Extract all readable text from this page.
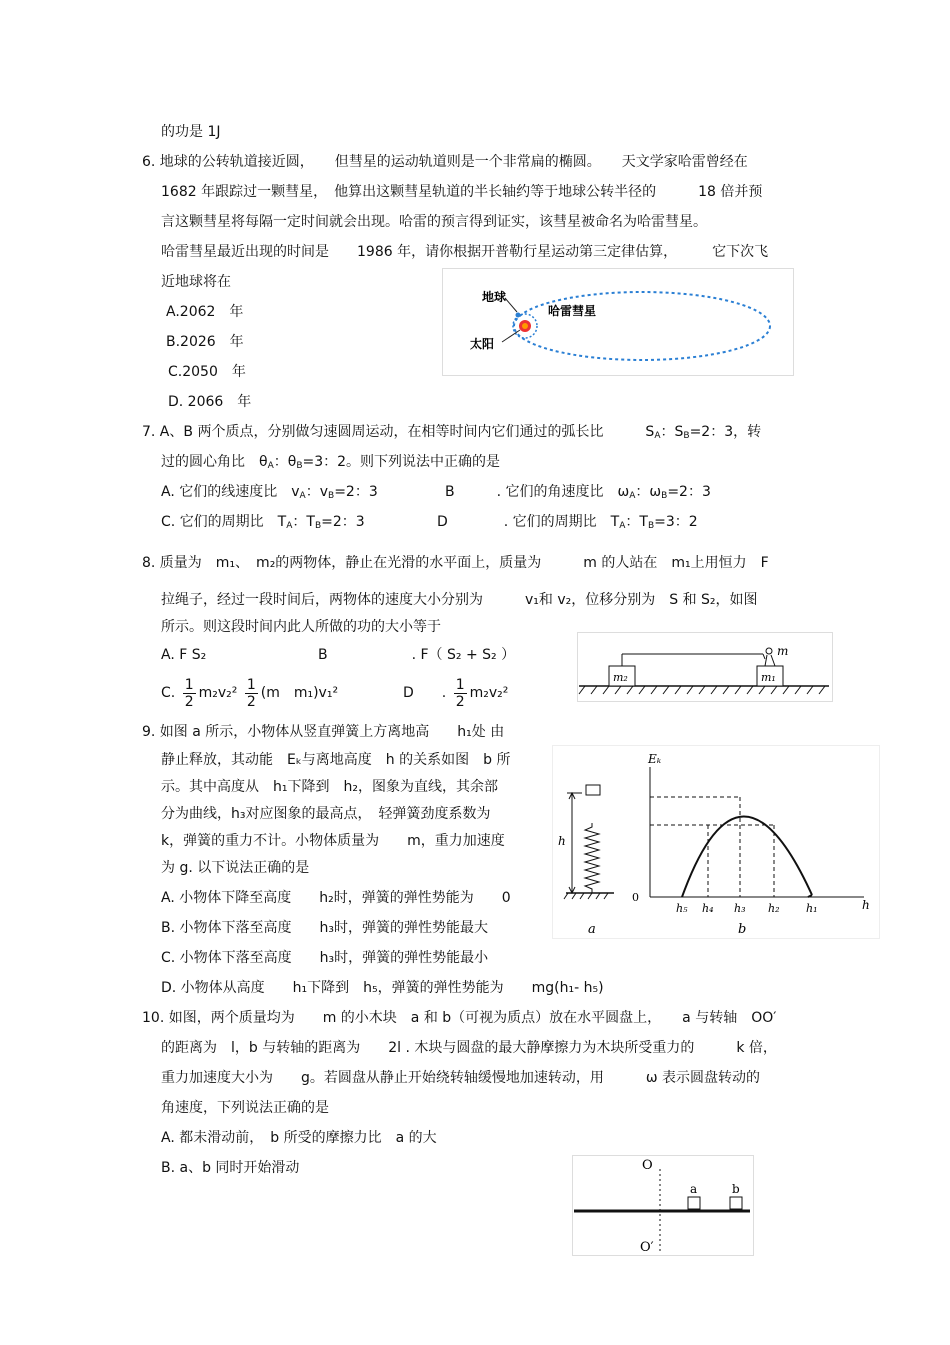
的功是 1J
6. 地球的公转轨道接近圆，　　但彗星的运动轨道则是一个非常扁的椭圆。　　天文学家哈雷曾经在
1682 年跟踪过一颗彗星，　他算出这颗彗星轨道的半长轴约等于地球公转半径的　　　18 倍并预
言这颗彗星将每隔一定时间就会出现。哈雷的预言得到证实，该彗星被命名为哈雷彗星。
哈雷彗星最近出现的时间是　　1986 年，请你根据开普勒行星运动第三定律估算，　　　它下次飞
近地球将在
A.2062　年
B.2026　年
C.2050　年
D. 2066　年
地球
哈雷彗星
太阳
7. A、B 两个质点，分别做匀速圆周运动，在相等时间内它们通过的弧长比　　　$S_A$：$S_B=2$：3，转
过的圆心角比　$\theta_A$：$\theta_B=3$：2。则下列说法中正确的是
A. 它们的线速度比　$v_A$：$v_B=2$：3	B　　　	. 它们的角速度比　$\omega_A$：$\omega_B=2$：3
C. 它们的周期比　$T_A$：$T_B=2$：3	D　　　　	. 它们的周期比　$T_A$：$T_B=3$：2
8. 质量为　m₁、　m₂的两物体，静止在光滑的水平面上，质量为　　　m 的人站在　m₁上用恒力　F
拉绳子，经过一段时间后，两物体的速度大小分别为　　　v₁和 v₂，位移分别为　S 和 S₂，如图
所示。则这段时间内此人所做的功的大小等于
A. F S₂	B　　　　　　. F（ S₂ + S₂ ）
C. $\frac{1}{2} m_2v_2^2 \frac{1}{2} (m$　m₁)v₁²	D　　. $\frac{1}{2} m_2v_2^2$
m₂	m₁
m
9. 如图 a 所示，小物体从竖直弹簧上方离地高　　h₁处 由
静止释放，其动能　Eₖ与离地高度　h 的关系如图　b 所
示。其中高度从　h₁下降到　h₂，图象为直线，其余部
分为曲线，h₃对应图象的最高点，　轻弹簧劲度系数为
k，弹簧的重力不计。小物体质量为　　m，重力加速度
为 g. 以下说法正确的是
A. 小物体下降至高度　　h₂时，弹簧的弹性势能为　　0
B. 小物体下落至高度　　h₃时，弹簧的弹性势能最大
C. 小物体下落至高度　　h₃时，弹簧的弹性势能最小
D. 小物体从高度　　h₁下降到　h₅，弹簧的弹性势能为　　mg(h₁- h₅)
h
a
Eₖ
0
h
h₅ h₄ h₃ h₂ h₁
b
10. 如图，两个质量均为　　m 的小木块　a 和 b（可视为质点）放在水平圆盘上，　　a 与转轴　OO′
的距离为　l，b 与转轴的距离为　　2l . 木块与圆盘的最大静摩擦力为木块所受重力的　　　k 倍，
重力加速度大小为　　g。若圆盘从静止开始绕转轴缓慢地加速转动，用　　　ω 表示圆盘转动的
角速度，下列说法正确的是
A. 都未滑动前，　b 所受的摩擦力比　a 的大
B. a、b 同时开始滑动	O
O′
a	b
